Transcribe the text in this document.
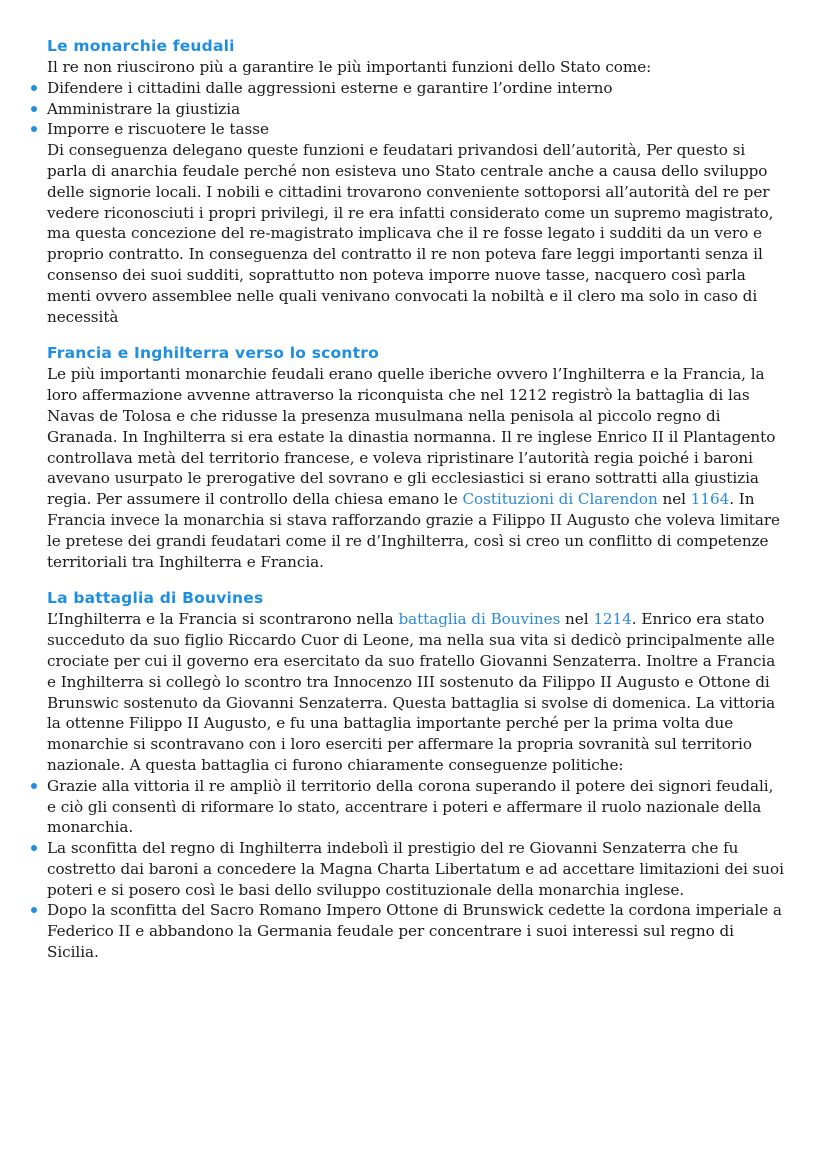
Le monarchie feudali

Il re non riuscirono più a garantire le più importanti funzioni dello Stato come:

Difendere i cittadini dalle aggressioni esterne e garantire l’ordine interno
Amministrare la giustizia
Imporre e riscuotere le tasse

Di conseguenza delegano queste funzioni e feudatari privandosi dell’autorità, Per questo si parla di anarchia feudale perché non esisteva uno Stato centrale anche a causa dello sviluppo delle signorie locali. I nobili e cittadini trovarono conveniente sottoporsi all’autorità del re per vedere riconosciuti i propri privilegi, il re era infatti considerato come un supremo magistrato, ma questa concezione del re-magistrato implicava che il re fosse legato i sudditi da un vero e proprio contratto. In conseguenza del contratto il re non poteva fare leggi importanti senza il consenso dei suoi sudditi, soprattutto non poteva imporre nuove tasse, nacquero così parla menti ovvero assemblee nelle quali venivano convocati la nobiltà e il clero ma solo in caso di necessità

Francia e Inghilterra verso lo scontro

Le più importanti monarchie feudali erano quelle iberiche ovvero l’Inghilterra e la Francia, la loro affermazione avvenne attraverso la riconquista che nel 1212 registrò la battaglia di las Navas de Tolosa e che ridusse la presenza musulmana nella penisola al piccolo regno di Granada. In Inghilterra si era estate la dinastia normanna. Il re inglese Enrico II il Plantagento controllava metà del territorio francese, e voleva ripristinare l’autorità regia poiché i baroni avevano usurpato le prerogative del sovrano e gli ecclesiastici si erano sottratti alla giustizia regia. Per assumere il controllo della chiesa emano le Costituzioni di Clarendon nel 1164. In Francia invece la monarchia si stava rafforzando grazie a Filippo II Augusto che voleva limitare le pretese dei grandi feudatari come il re d’Inghilterra, così si creo un conflitto di competenze territoriali tra Inghilterra e Francia.

La battaglia di Bouvines

L’Inghilterra e la Francia si scontrarono nella battaglia di Bouvines nel 1214. Enrico era stato succeduto da suo figlio Riccardo Cuor di Leone, ma nella sua vita si dedicò principalmente alle crociate per cui il governo era esercitato da suo fratello Giovanni Senzaterra. Inoltre a Francia e Inghilterra si collegò lo scontro tra Innocenzo III sostenuto da Filippo II Augusto e Ottone di Brunswic sostenuto da Giovanni Senzaterra. Questa battaglia si svolse di domenica. La vittoria la ottenne Filippo II Augusto, e fu una battaglia importante perché per la prima volta due monarchie si scontravano con i loro eserciti per affermare la propria sovranità sul territorio nazionale. A questa battaglia ci furono chiaramente conseguenze politiche:

Grazie alla vittoria il re ampliò il territorio della corona superando il potere dei signori feudali, e ciò gli consentì di riformare lo stato, accentrare i poteri e affermare il ruolo nazionale della monarchia.
La sconfitta del regno di Inghilterra indebolì il prestigio del re Giovanni Senzaterra che fu costretto dai baroni a concedere la Magna Charta Libertatum e ad accettare limitazioni dei suoi poteri e si posero così le basi dello sviluppo costituzionale della monarchia inglese.
Dopo la sconfitta del Sacro Romano Impero Ottone di Brunswick cedette la cordona imperiale a Federico II e abbandono la Germania feudale per concentrare i suoi interessi sul regno di Sicilia.
